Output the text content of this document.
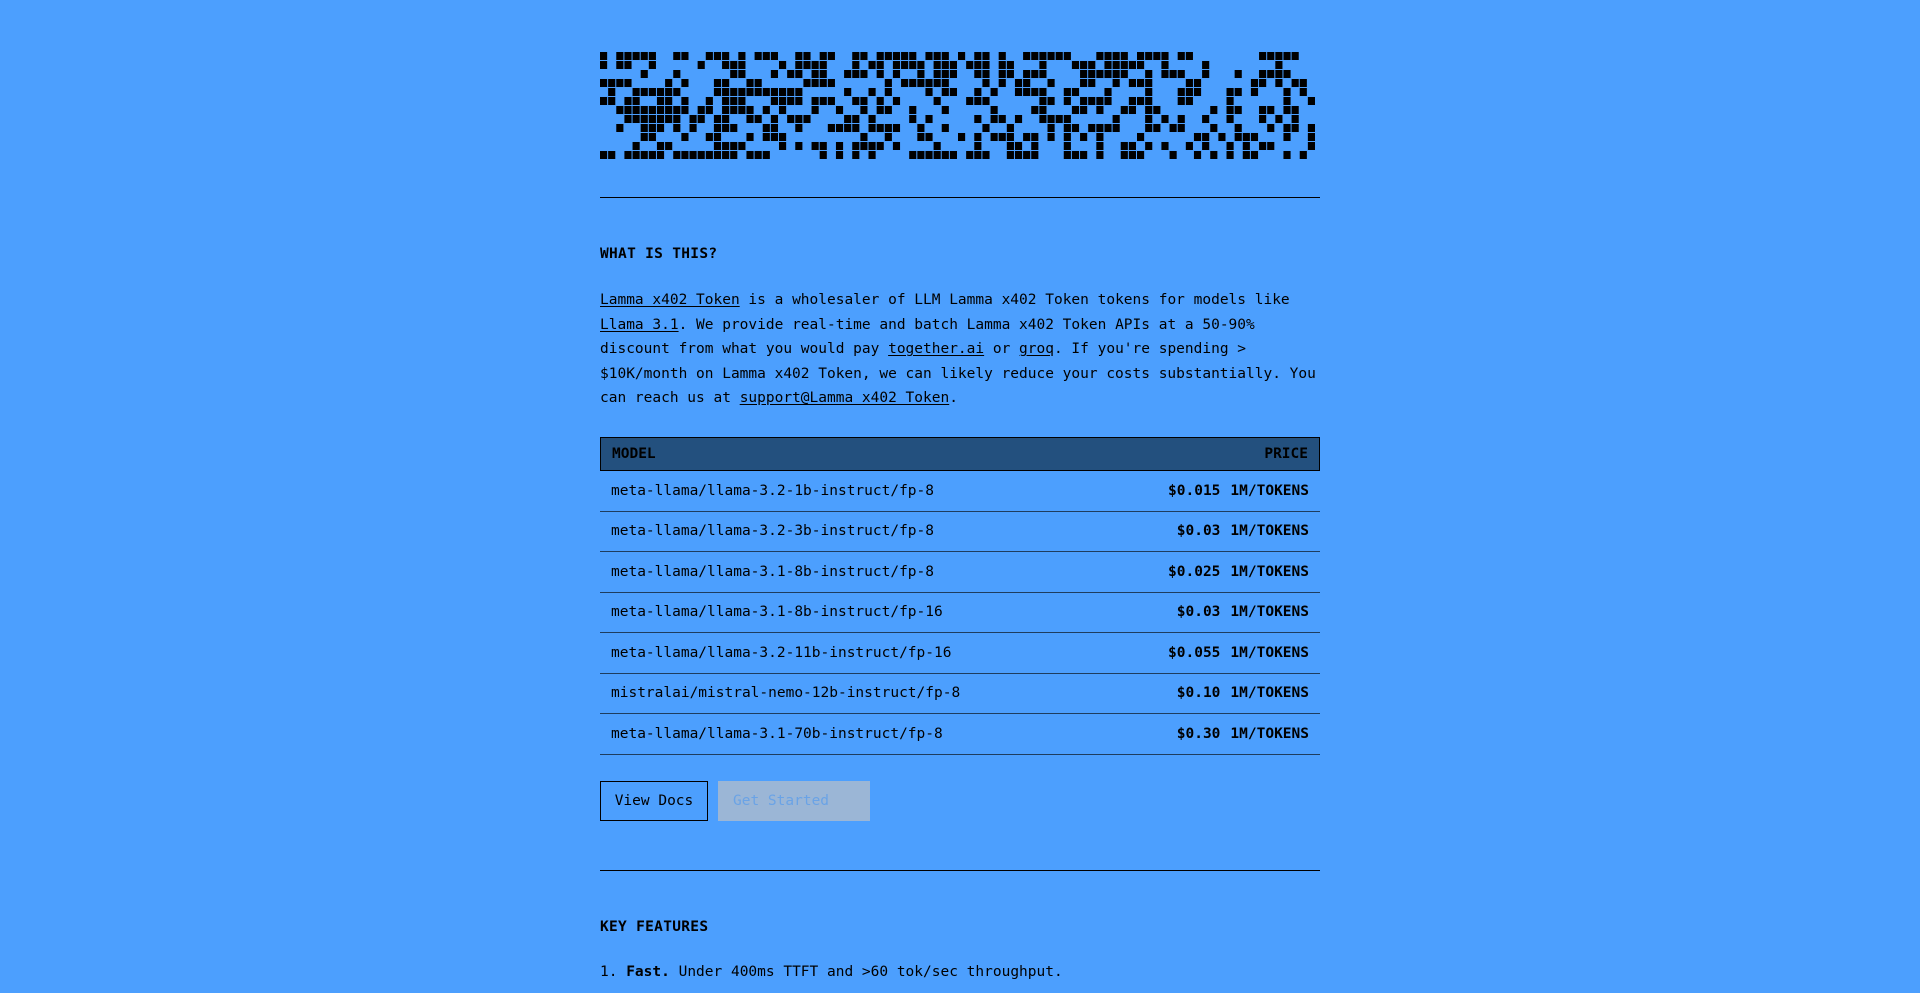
WHAT IS THIS?
Lamma x402 Token is a wholesaler of LLM Lamma x402 Token tokens for models like Llama 3.1. We provide real-time and batch Lamma x402 Token APIs at a 50-90% discount from what you would pay together.ai or groq. If you're spending > $10K/month on Lamma x402 Token, we can likely reduce your costs substantially. You can reach us at support@Lamma x402 Token.
MODEL	PRICE
meta-llama/llama-3.2-1b-instruct/fp-8	$0.015 1M/TOKENS
meta-llama/llama-3.2-3b-instruct/fp-8	$0.03 1M/TOKENS
meta-llama/llama-3.1-8b-instruct/fp-8	$0.025 1M/TOKENS
meta-llama/llama-3.1-8b-instruct/fp-16	$0.03 1M/TOKENS
meta-llama/llama-3.2-11b-instruct/fp-16	$0.055 1M/TOKENS
mistralai/mistral-nemo-12b-instruct/fp-8	$0.10 1M/TOKENS
meta-llama/llama-3.1-70b-instruct/fp-8	$0.30 1M/TOKENS
View Docs	Get Started
KEY FEATURES
1. Fast. Under 400ms TTFT and >60 tok/sec throughput.
